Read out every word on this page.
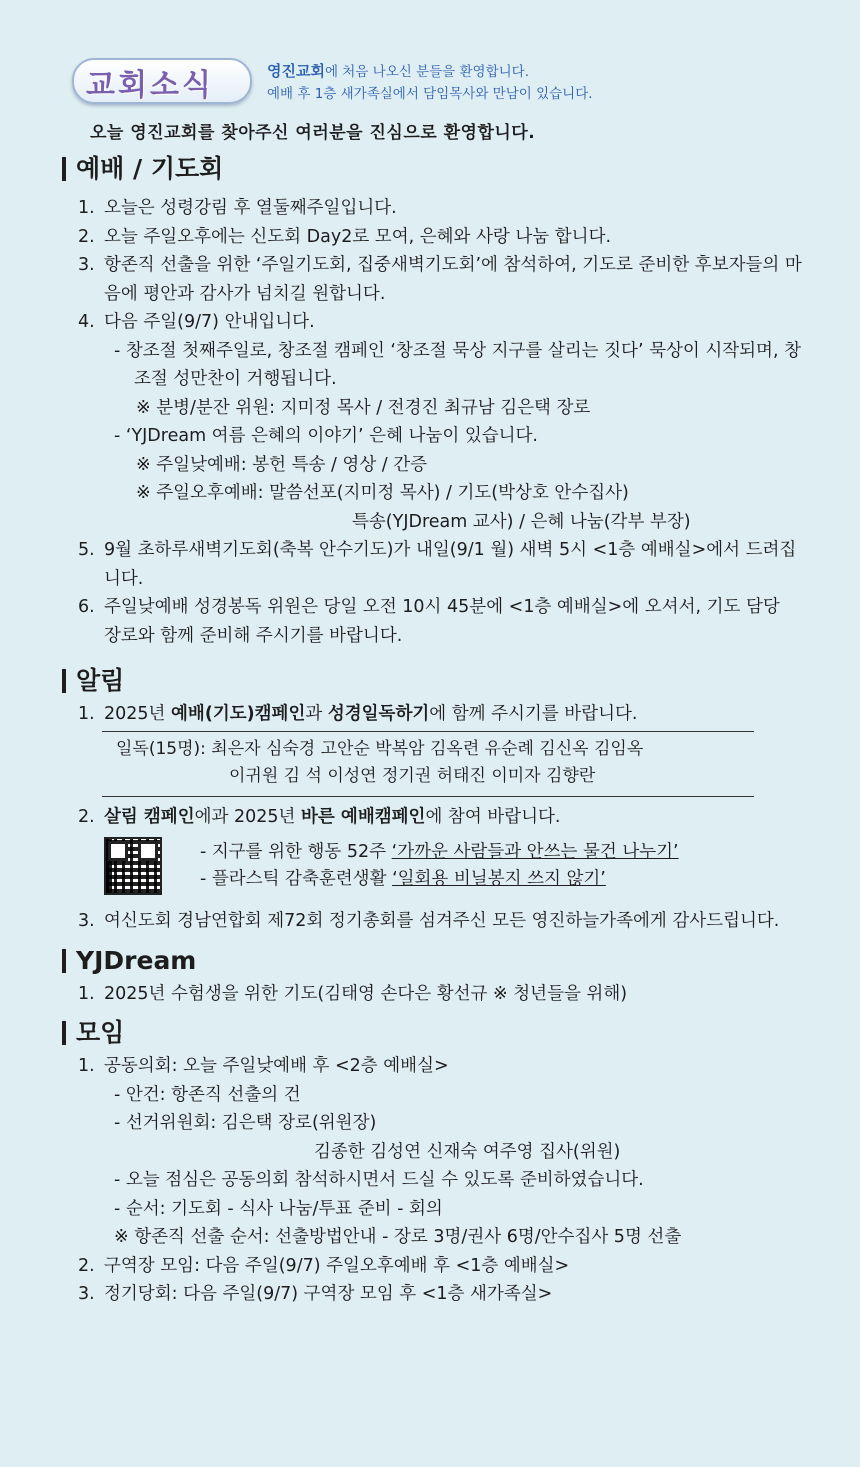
교회소식	영진교회에 처음 나오신 분들을 환영합니다.
예배 후 1층 새가족실에서 담임목사와 만남이 있습니다.
오늘 영진교회를 찾아주신 여러분을 진심으로 환영합니다.
예배 / 기도회
1. 오늘은 성령강림 후 열둘째주일입니다.
2. 오늘 주일오후에는 신도회 Day2로 모여, 은혜와 사랑 나눔 합니다.
3. 항존직 선출을 위한 ‘주일기도회, 집중새벽기도회’에 참석하여, 기도로 준비한 후보자들의 마음에 평안과 감사가 넘치길 원합니다.
4. 다음 주일(9/7) 안내입니다.
- 창조절 첫째주일로, 창조절 캠페인 ‘창조절 묵상 지구를 살리는 짓다’ 묵상이 시작되며, 창조절 성만찬이 거행됩니다.
※ 분병/분잔 위원: 지미정 목사 / 전경진 최규남 김은택 장로
- ‘YJDream 여름 은혜의 이야기’ 은혜 나눔이 있습니다.
※ 주일낮예배: 봉헌 특송 / 영상 / 간증
※ 주일오후예배: 말씀선포(지미정 목사) / 기도(박상호 안수집사)
특송(YJDream 교사) / 은혜 나눔(각부 부장)
5. 9월 초하루새벽기도회(축복 안수기도)가 내일(9/1 월) 새벽 5시 <1층 예배실>에서 드려집니다.
6. 주일낮예배 성경봉독 위원은 당일 오전 10시 45분에 <1층 예배실>에 오셔서, 기도 담당 장로와 함께 준비해 주시기를 바랍니다.
알림
1. 2025년 예배(기도)캠페인과 성경일독하기에 함께 주시기를 바랍니다.
일독(15명): 최은자 심숙경 고안순 박복암 김옥련 유순례 김신옥 김임옥
이귀원 김 석 이성연 정기권 허태진 이미자 김향란
2. 살림 캠페인에과 2025년 바른 예배캠페인에 참여 바랍니다.
- 지구를 위한 행동 52주 ‘가까운 사람들과 안쓰는 물건 나누기’
- 플라스틱 감축훈련생활 ‘일회용 비닐봉지 쓰지 않기’
3. 여신도회 경남연합회 제72회 정기총회를 섬겨주신 모든 영진하늘가족에게 감사드립니다.
YJDream
1. 2025년 수험생을 위한 기도(김태영 손다은 황선규 ※ 청년들을 위해)
모임
1. 공동의회: 오늘 주일낮예배 후 <2층 예배실>
- 안건: 항존직 선출의 건
- 선거위원회: 김은택 장로(위원장)
김종한 김성연 신재숙 여주영 집사(위원)
- 오늘 점심은 공동의회 참석하시면서 드실 수 있도록 준비하였습니다.
- 순서: 기도회 - 식사 나눔/투표 준비 - 회의
※ 항존직 선출 순서: 선출방법안내 - 장로 3명/권사 6명/안수집사 5명 선출
2. 구역장 모임: 다음 주일(9/7) 주일오후예배 후 <1층 예배실>
3. 정기당회: 다음 주일(9/7) 구역장 모임 후 <1층 새가족실>
